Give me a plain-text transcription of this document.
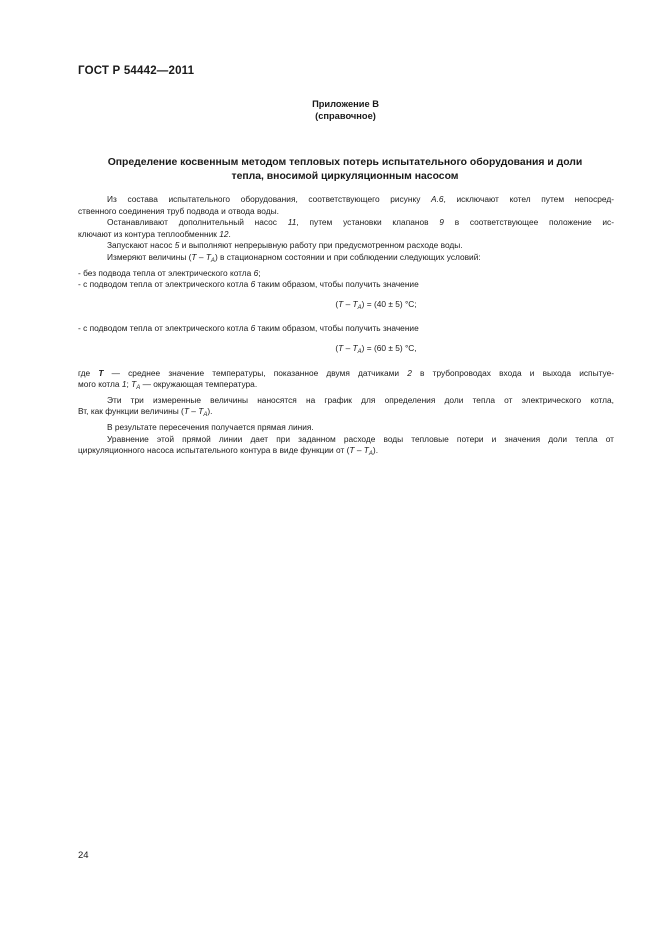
ГОСТ Р 54442—2011
Приложение В
(справочное)
Определение косвенным методом тепловых потерь испытательного оборудования и доли
тепла, вносимой циркуляционным насосом

Из состава испытательного оборудования, соответствующего рисунку А.6, исключают котел путем непосред-

ственного соединения труб подвода и отвода воды.

Останавливают дополнительный насос 11, путем установки клапанов 9 в соответствующее положение ис-

ключают из контура теплообменник 12.

Запускают насос 5 и выполняют непрерывную работу при предусмотренном расходе воды.

Измеряют величины $(T - T_A)$ в стационарном состоянии и при соблюдении следующих условий:

- без подвода тепла от электрического котла 6;

- с подводом тепла от электрического котла 6 таким образом, чтобы получить значение

$(T - T_A) = (40 \pm 5)$ °С;

- с подводом тепла от электрического котла 6 таким образом, чтобы получить значение

$(T - T_A) = (60 \pm 5)$ °С,

где T — среднее значение температуры, показанное двумя датчиками 2 в трубопроводах входа и выхода испытуе-

мого котла 1; $T_A$ — окружающая температура.

Эти три измеренные величины наносятся на график для определения доли тепла от электрического котла,

Вт, как функции величины $(T - T_A)$.

В результате пересечения получается прямая линия.

Уравнение этой прямой линии дает при заданном расходе воды тепловые потери и значения доли тепла от

циркуляционного насоса испытательного контура в виде функции от $(T - T_A)$.

24
